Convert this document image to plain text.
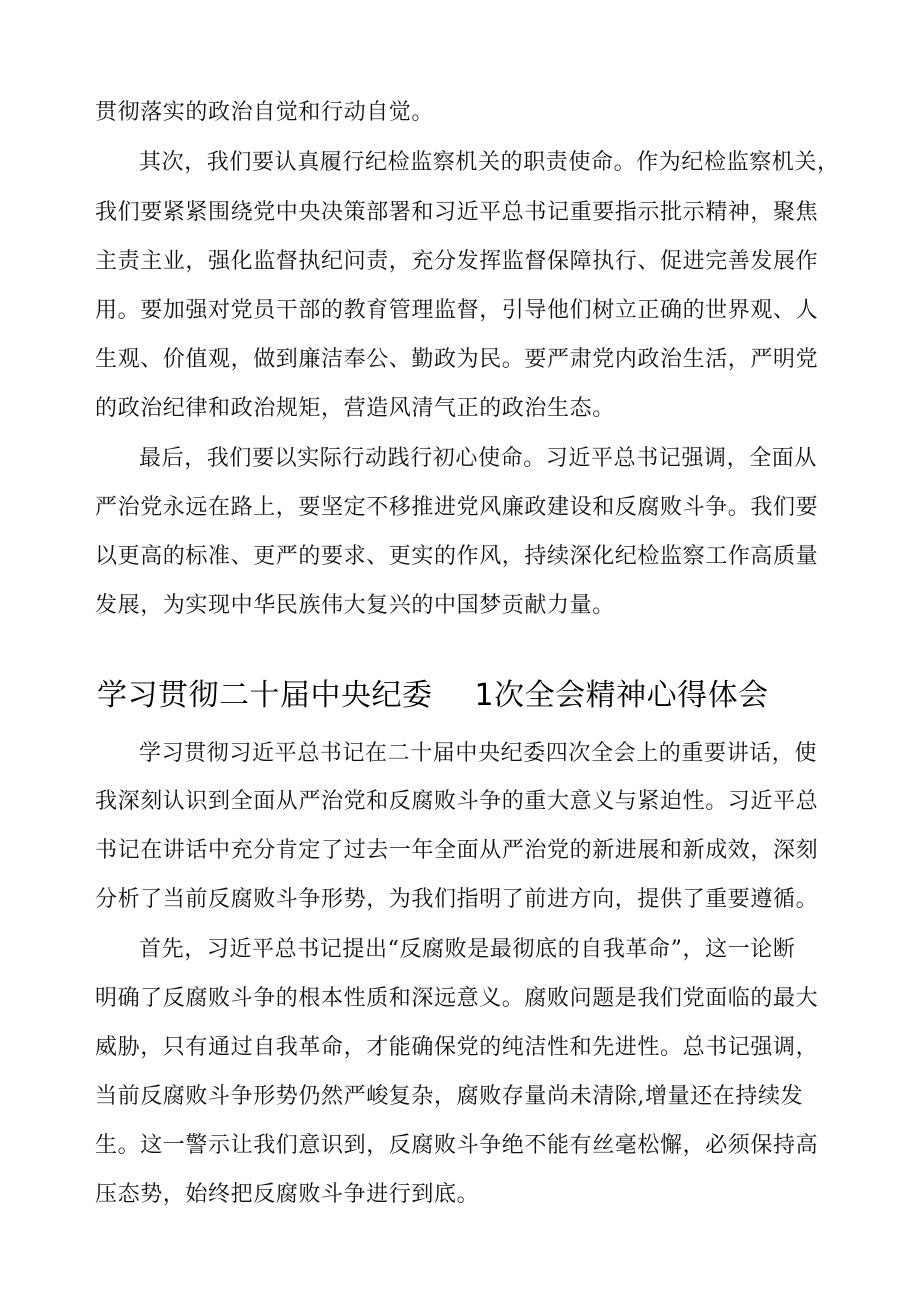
贯彻落实的政治自觉和行动自觉。
其次，我们要认真履行纪检监察机关的职责使命。作为纪检监察机关，
我们要紧紧围绕党中央决策部署和习近平总书记重要指示批示精神，聚焦
主责主业，强化监督执纪问责，充分发挥监督保障执行、促进完善发展作
用。要加强对党员干部的教育管理监督，引导他们树立正确的世界观、人
生观、价值观，做到廉洁奉公、勤政为民。要严肃党内政治生活，严明党
的政治纪律和政治规矩，营造风清气正的政治生态。
最后，我们要以实际行动践行初心使命。习近平总书记强调，全面从
严治党永远在路上，要坚定不移推进党风廉政建设和反腐败斗争。我们要
以更高的标准、更严的要求、更实的作风，持续深化纪检监察工作高质量
发展，为实现中华民族伟大复兴的中国梦贡献力量。
学习贯彻二十届中央纪委 1次全会精神心得体会
学习贯彻习近平总书记在二十届中央纪委四次全会上的重要讲话，使
我深刻认识到全面从严治党和反腐败斗争的重大意义与紧迫性。习近平总
书记在讲话中充分肯定了过去一年全面从严治党的新进展和新成效，深刻
分析了当前反腐败斗争形势，为我们指明了前进方向，提供了重要遵循。
首先，习近平总书记提出“反腐败是最彻底的自我革命”，这一论断
明确了反腐败斗争的根本性质和深远意义。腐败问题是我们党面临的最大
威胁，只有通过自我革命，才能确保党的纯洁性和先进性。总书记强调，
当前反腐败斗争形势仍然严峻复杂，腐败存量尚未清除,增量还在持续发
生。这一警示让我们意识到，反腐败斗争绝不能有丝毫松懈，必须保持高
压态势，始终把反腐败斗争进行到底。
